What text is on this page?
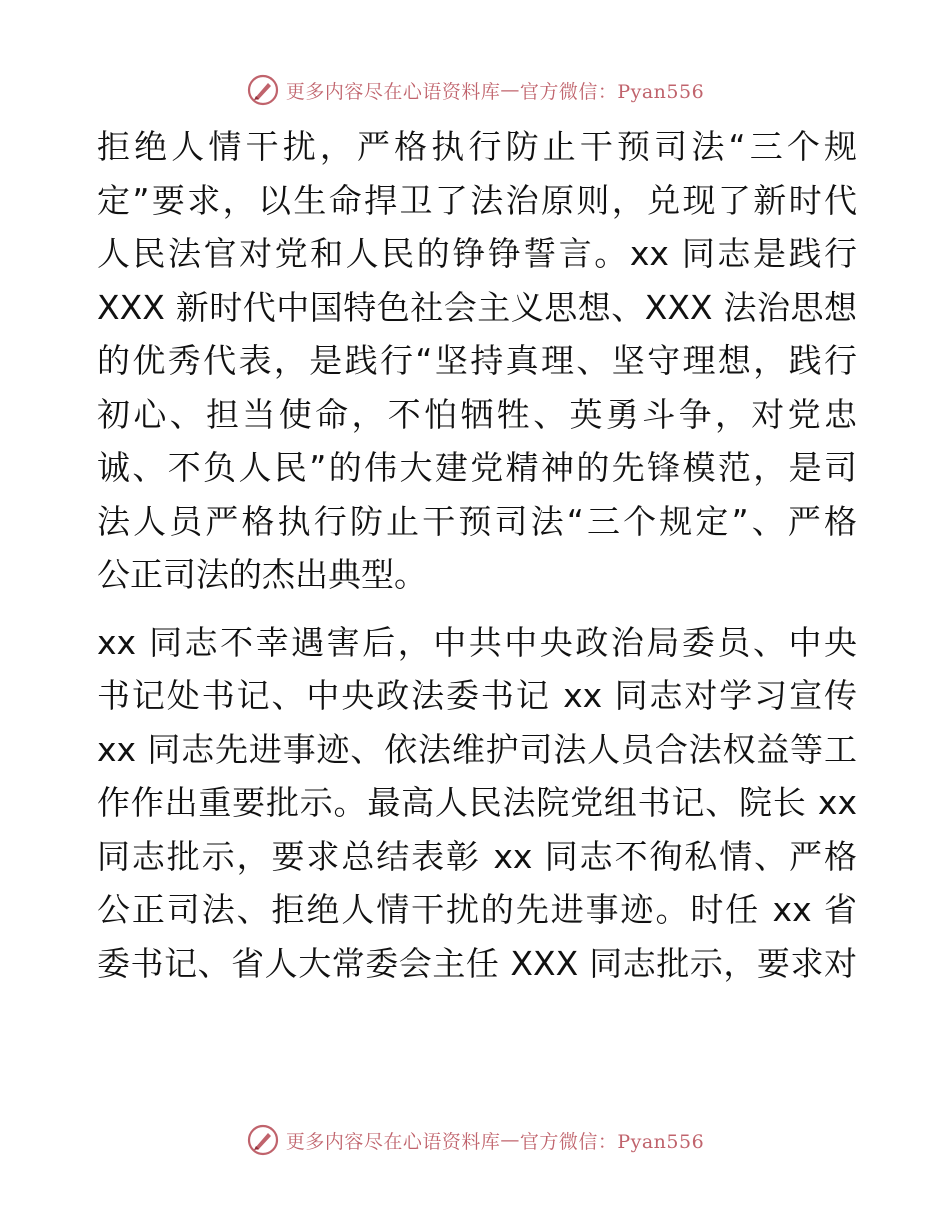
更多内容尽在心语资料库 — 官方微信：Pyan556
拒绝人情干扰，严格执行防止干预司法“三个规
定”要求，以生命捍卫了法治原则，兑现了新时代
人民法官对党和人民的铮铮誓言。xx 同志是践行
XXX 新时代中国特色社会主义思想、XXX 法治思想
的优秀代表，是践行“坚持真理、坚守理想，践行
初心、担当使命，不怕牺牲、英勇斗争，对党忠
诚、不负人民”的伟大建党精神的先锋模范，是司
法人员严格执行防止干预司法“三个规定”、严格
公正司法的杰出典型。
xx 同志不幸遇害后，中共中央政治局委员、中央
书记处书记、中央政法委书记 xx 同志对学习宣传
xx 同志先进事迹、依法维护司法人员合法权益等工
作作出重要批示。最高人民法院党组书记、院长 xx
同志批示，要求总结表彰 xx 同志不徇私情、严格
公正司法、拒绝人情干扰的先进事迹。时任 xx 省
委书记、省人大常委会主任 XXX 同志批示，要求对
更多内容尽在心语资料库 — 官方微信：Pyan556
